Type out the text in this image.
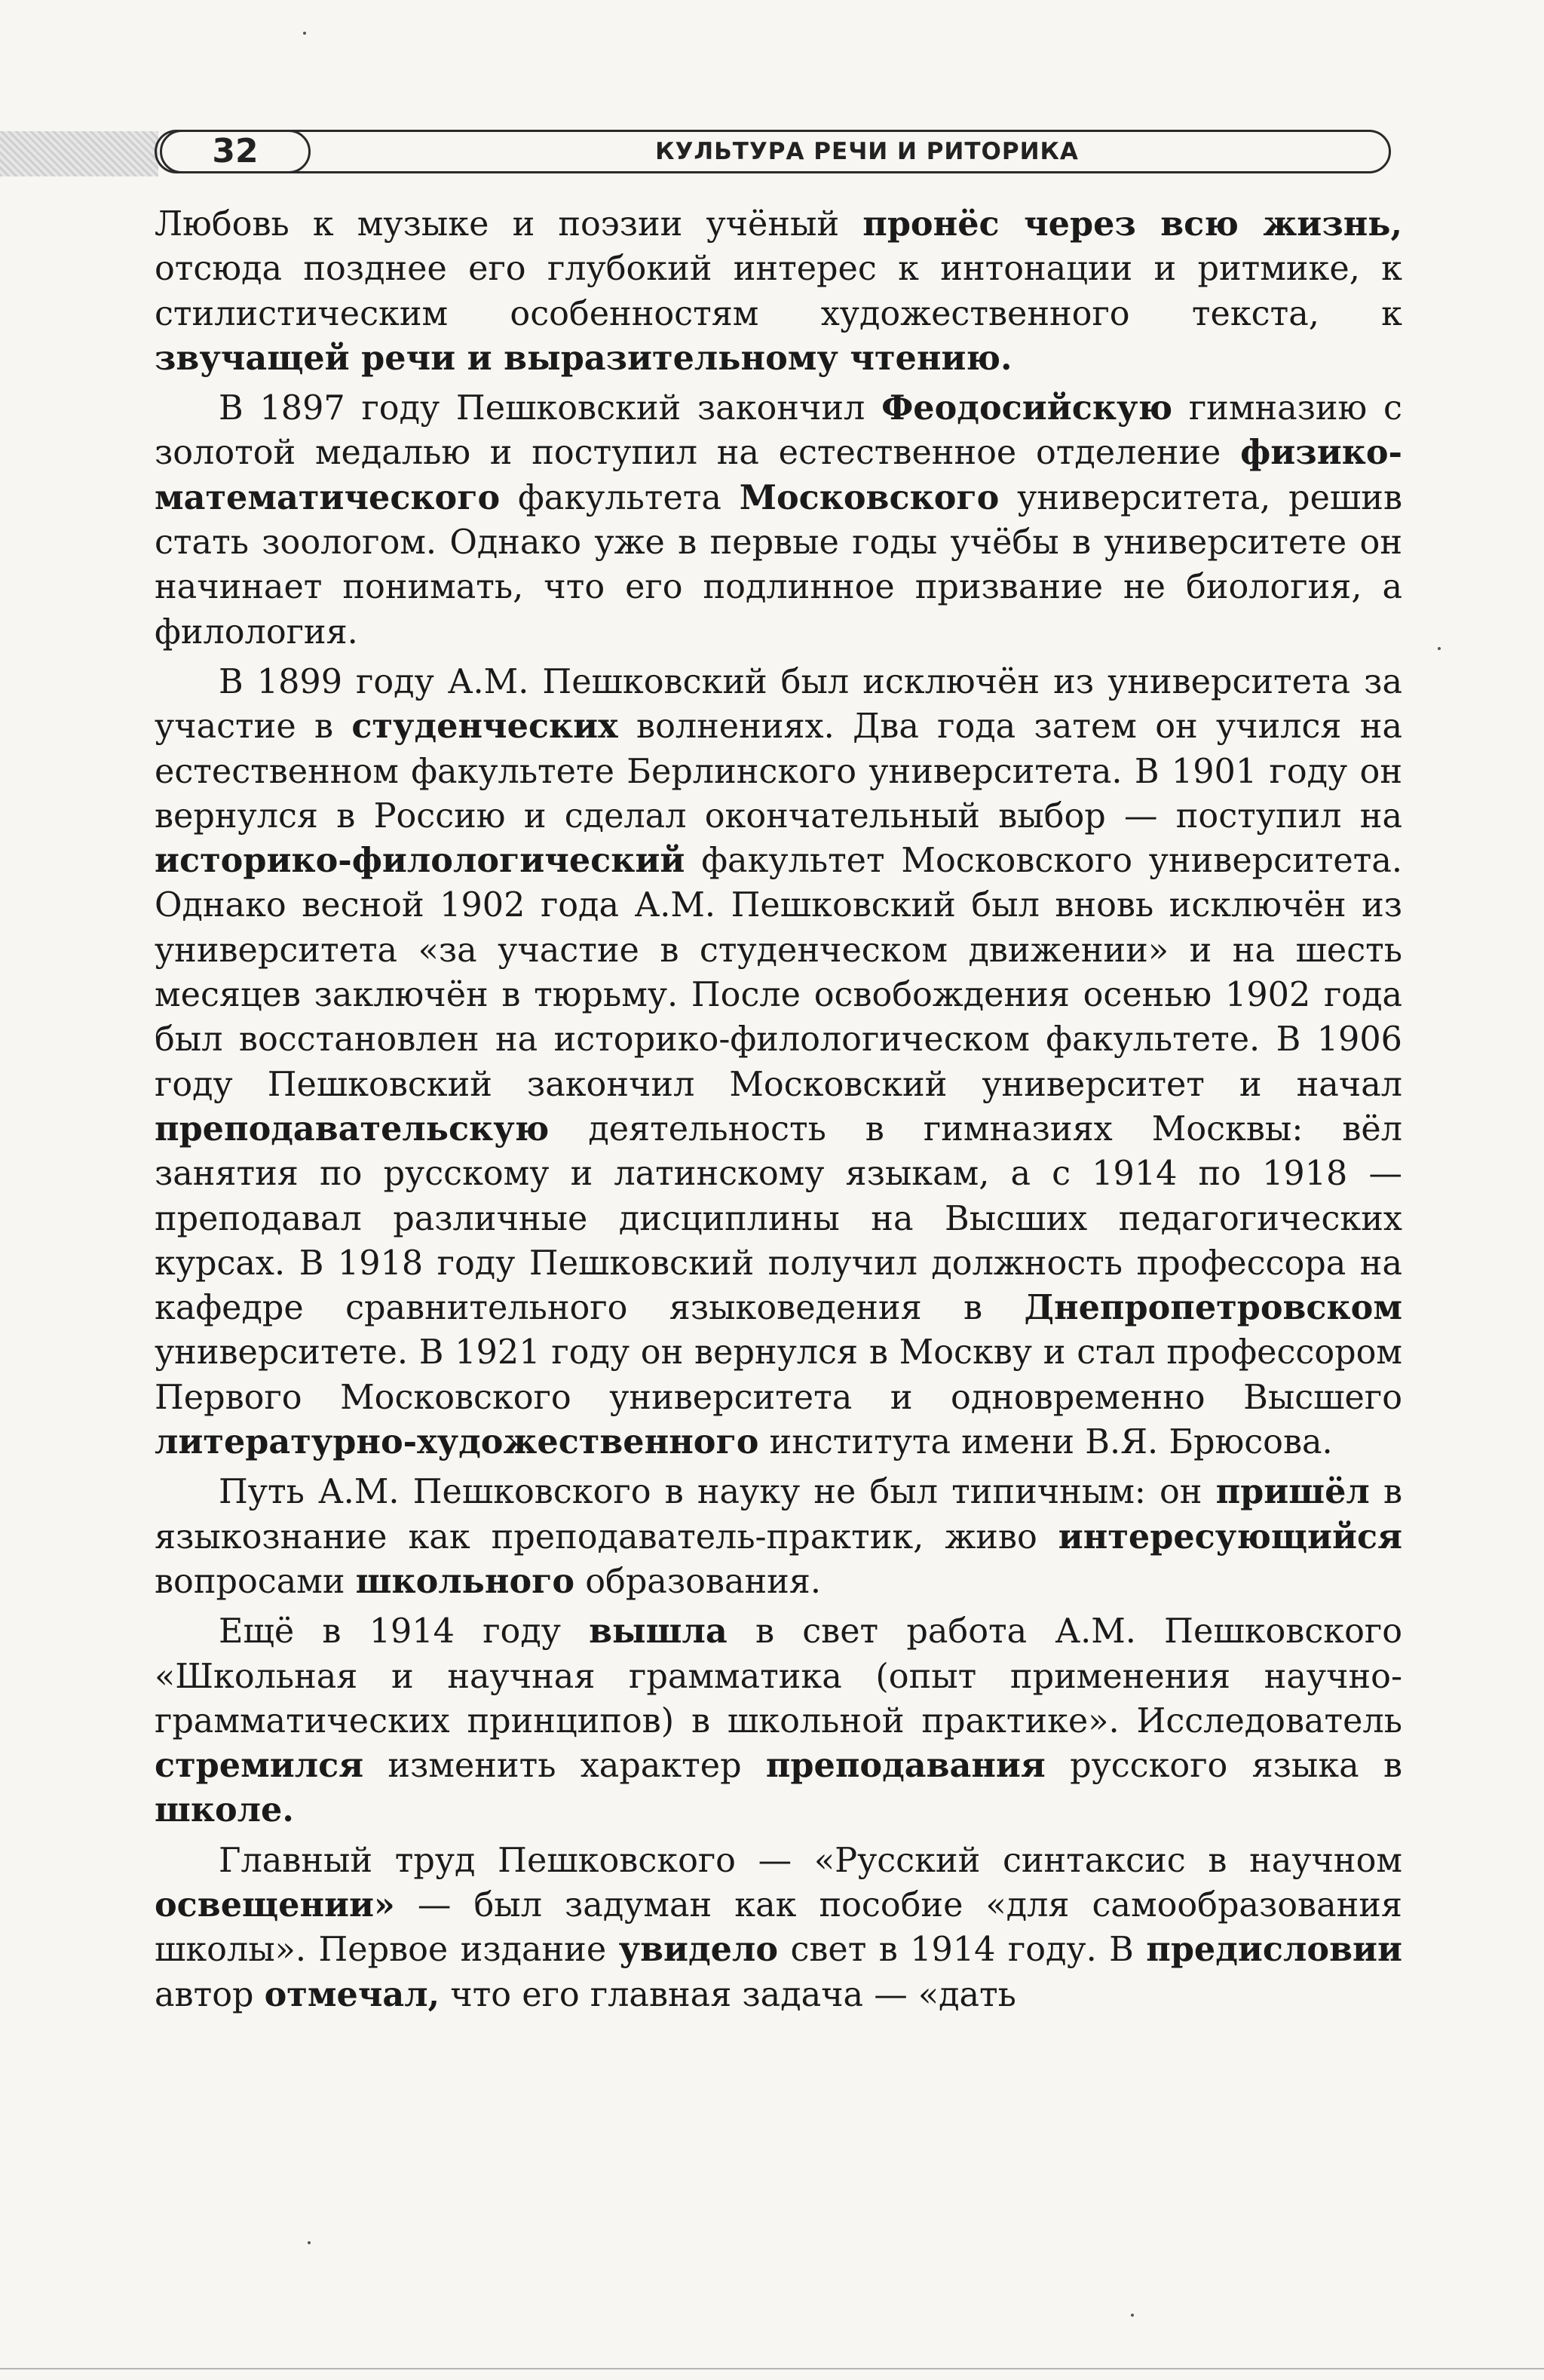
32	КУЛЬТУРА РЕЧИ И РИТОРИКА

Любовь к музыке и поэзии учёный пронёс через всю жизнь, отсюда позднее его глубокий интерес к интонации и ритмике, к стилистическим особенностям художественного текста, к звучащей речи и выразительному чтению.

В 1897 году Пешковский закончил Феодосийскую гимназию с золотой медалью и поступил на естественное отделение физико-математического факультета Московского университета, решив стать зоологом. Однако уже в первые годы учёбы в университете он начинает понимать, что его подлинное призвание не биология, а филология.

В 1899 году А.М. Пешковский был исключён из университета за участие в студенческих волнениях. Два года затем он учился на естественном факультете Берлинского университета. В 1901 году он вернулся в Россию и сделал окончательный выбор — поступил на историко-филологический факультет Московского университета. Однако весной 1902 года А.М. Пешковский был вновь исключён из университета «за участие в студенческом движении» и на шесть месяцев заключён в тюрьму. После освобождения осенью 1902 года был восстановлен на историко-филологическом факультете. В 1906 году Пешковский закончил Московский университет и начал преподавательскую деятельность в гимназиях Москвы: вёл занятия по русскому и латинскому языкам, а с 1914 по 1918 — преподавал различные дисциплины на Высших педагогических курсах. В 1918 году Пешковский получил должность профессора на кафедре сравнительного языковедения в Днепропетровском университете. В 1921 году он вернулся в Москву и стал профессором Первого Московского университета и одновременно Высшего литературно-художественного института имени В.Я. Брюсова.

Путь А.М. Пешковского в науку не был типичным: он пришёл в языкознание как преподаватель-практик, живо интересующийся вопросами школьного образования.

Ещё в 1914 году вышла в свет работа А.М. Пешковского «Школьная и научная грамматика (опыт применения научно-грамматических принципов) в школьной практике». Исследователь стремился изменить характер преподавания русского языка в школе.

Главный труд Пешковского — «Русский синтаксис в научном освещении» — был задуман как пособие «для самообразования школы». Первое издание увидело свет в 1914 году. В предисловии автор отмечал, что его главная задача — «дать
